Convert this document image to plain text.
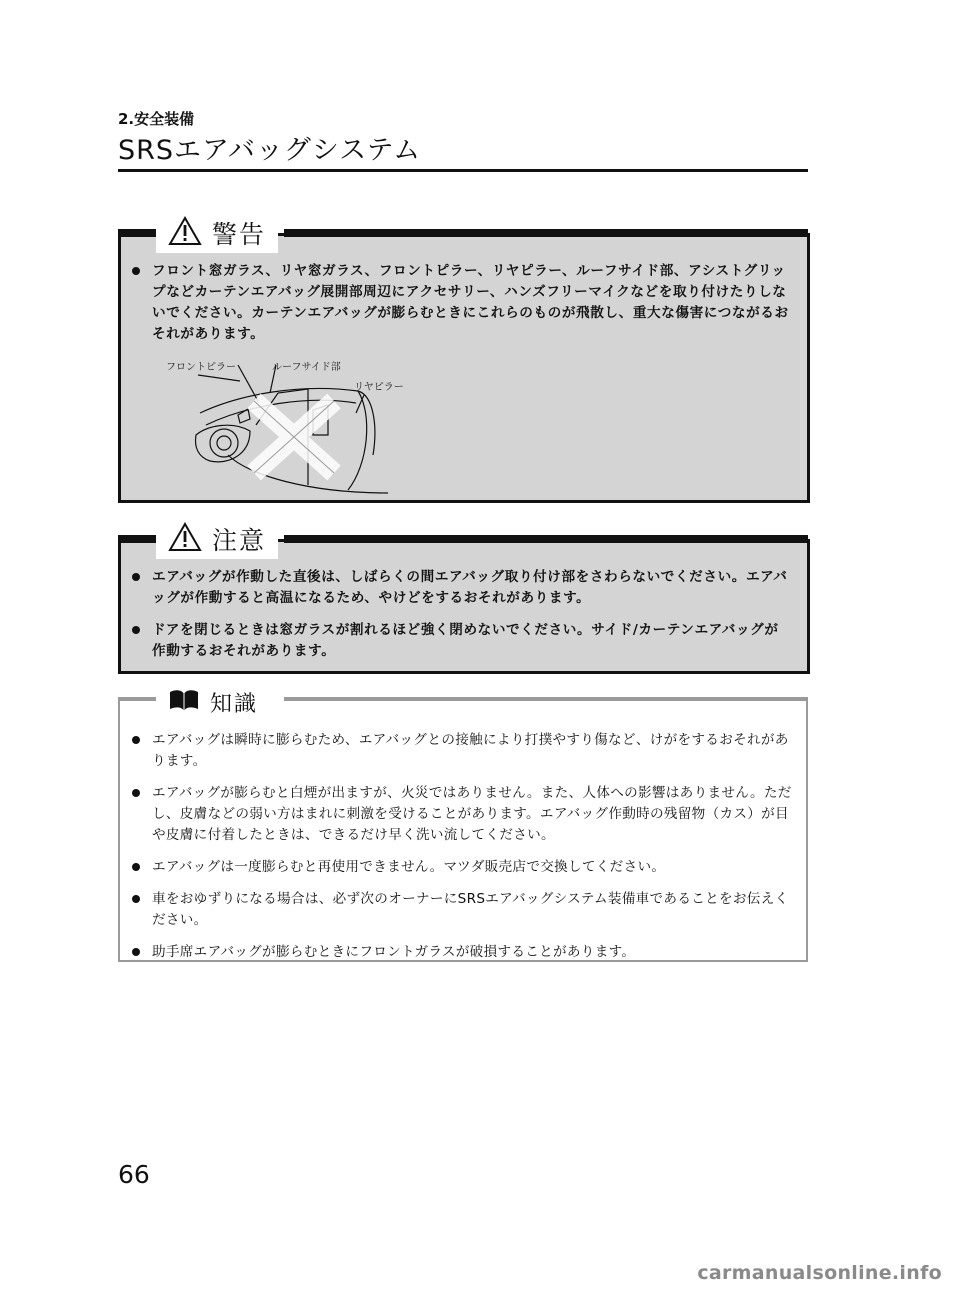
2.安全装備
SRSエアバッグシステム
警告
フロント窓ガラス、リヤ窓ガラス、フロントピラー、リヤピラー、ルーフサイド部、アシストグリップなどカーテンエアバッグ展開部周辺にアクセサリー、ハンズフリーマイクなどを取り付けたりしないでください。カーテンエアバッグが膨らむときにこれらのものが飛散し、重大な傷害につながるおそれがあります。
フロントピラー	ルーフサイド部
リヤピラー
注意
エアバッグが作動した直後は、しばらくの間エアバッグ取り付け部をさわらないでください。エアバッグが作動すると高温になるため、やけどをするおそれがあります。
ドアを閉じるときは窓ガラスが割れるほど強く閉めないでください。サイド/カーテンエアバッグが作動するおそれがあります。
知識
エアバッグは瞬時に膨らむため、エアバッグとの接触により打撲やすり傷など、けがをするおそれがあります。
エアバッグが膨らむと白煙が出ますが、火災ではありません。また、人体への影響はありません。ただし、皮膚などの弱い方はまれに刺激を受けることがあります。エアバッグ作動時の残留物（カス）が目や皮膚に付着したときは、できるだけ早く洗い流してください。
エアバッグは一度膨らむと再使用できません。マツダ販売店で交換してください。
車をおゆずりになる場合は、必ず次のオーナーにSRSエアバッグシステム装備車であることをお伝えください。
助手席エアバッグが膨らむときにフロントガラスが破損することがあります。
66
carmanualsonline.info
